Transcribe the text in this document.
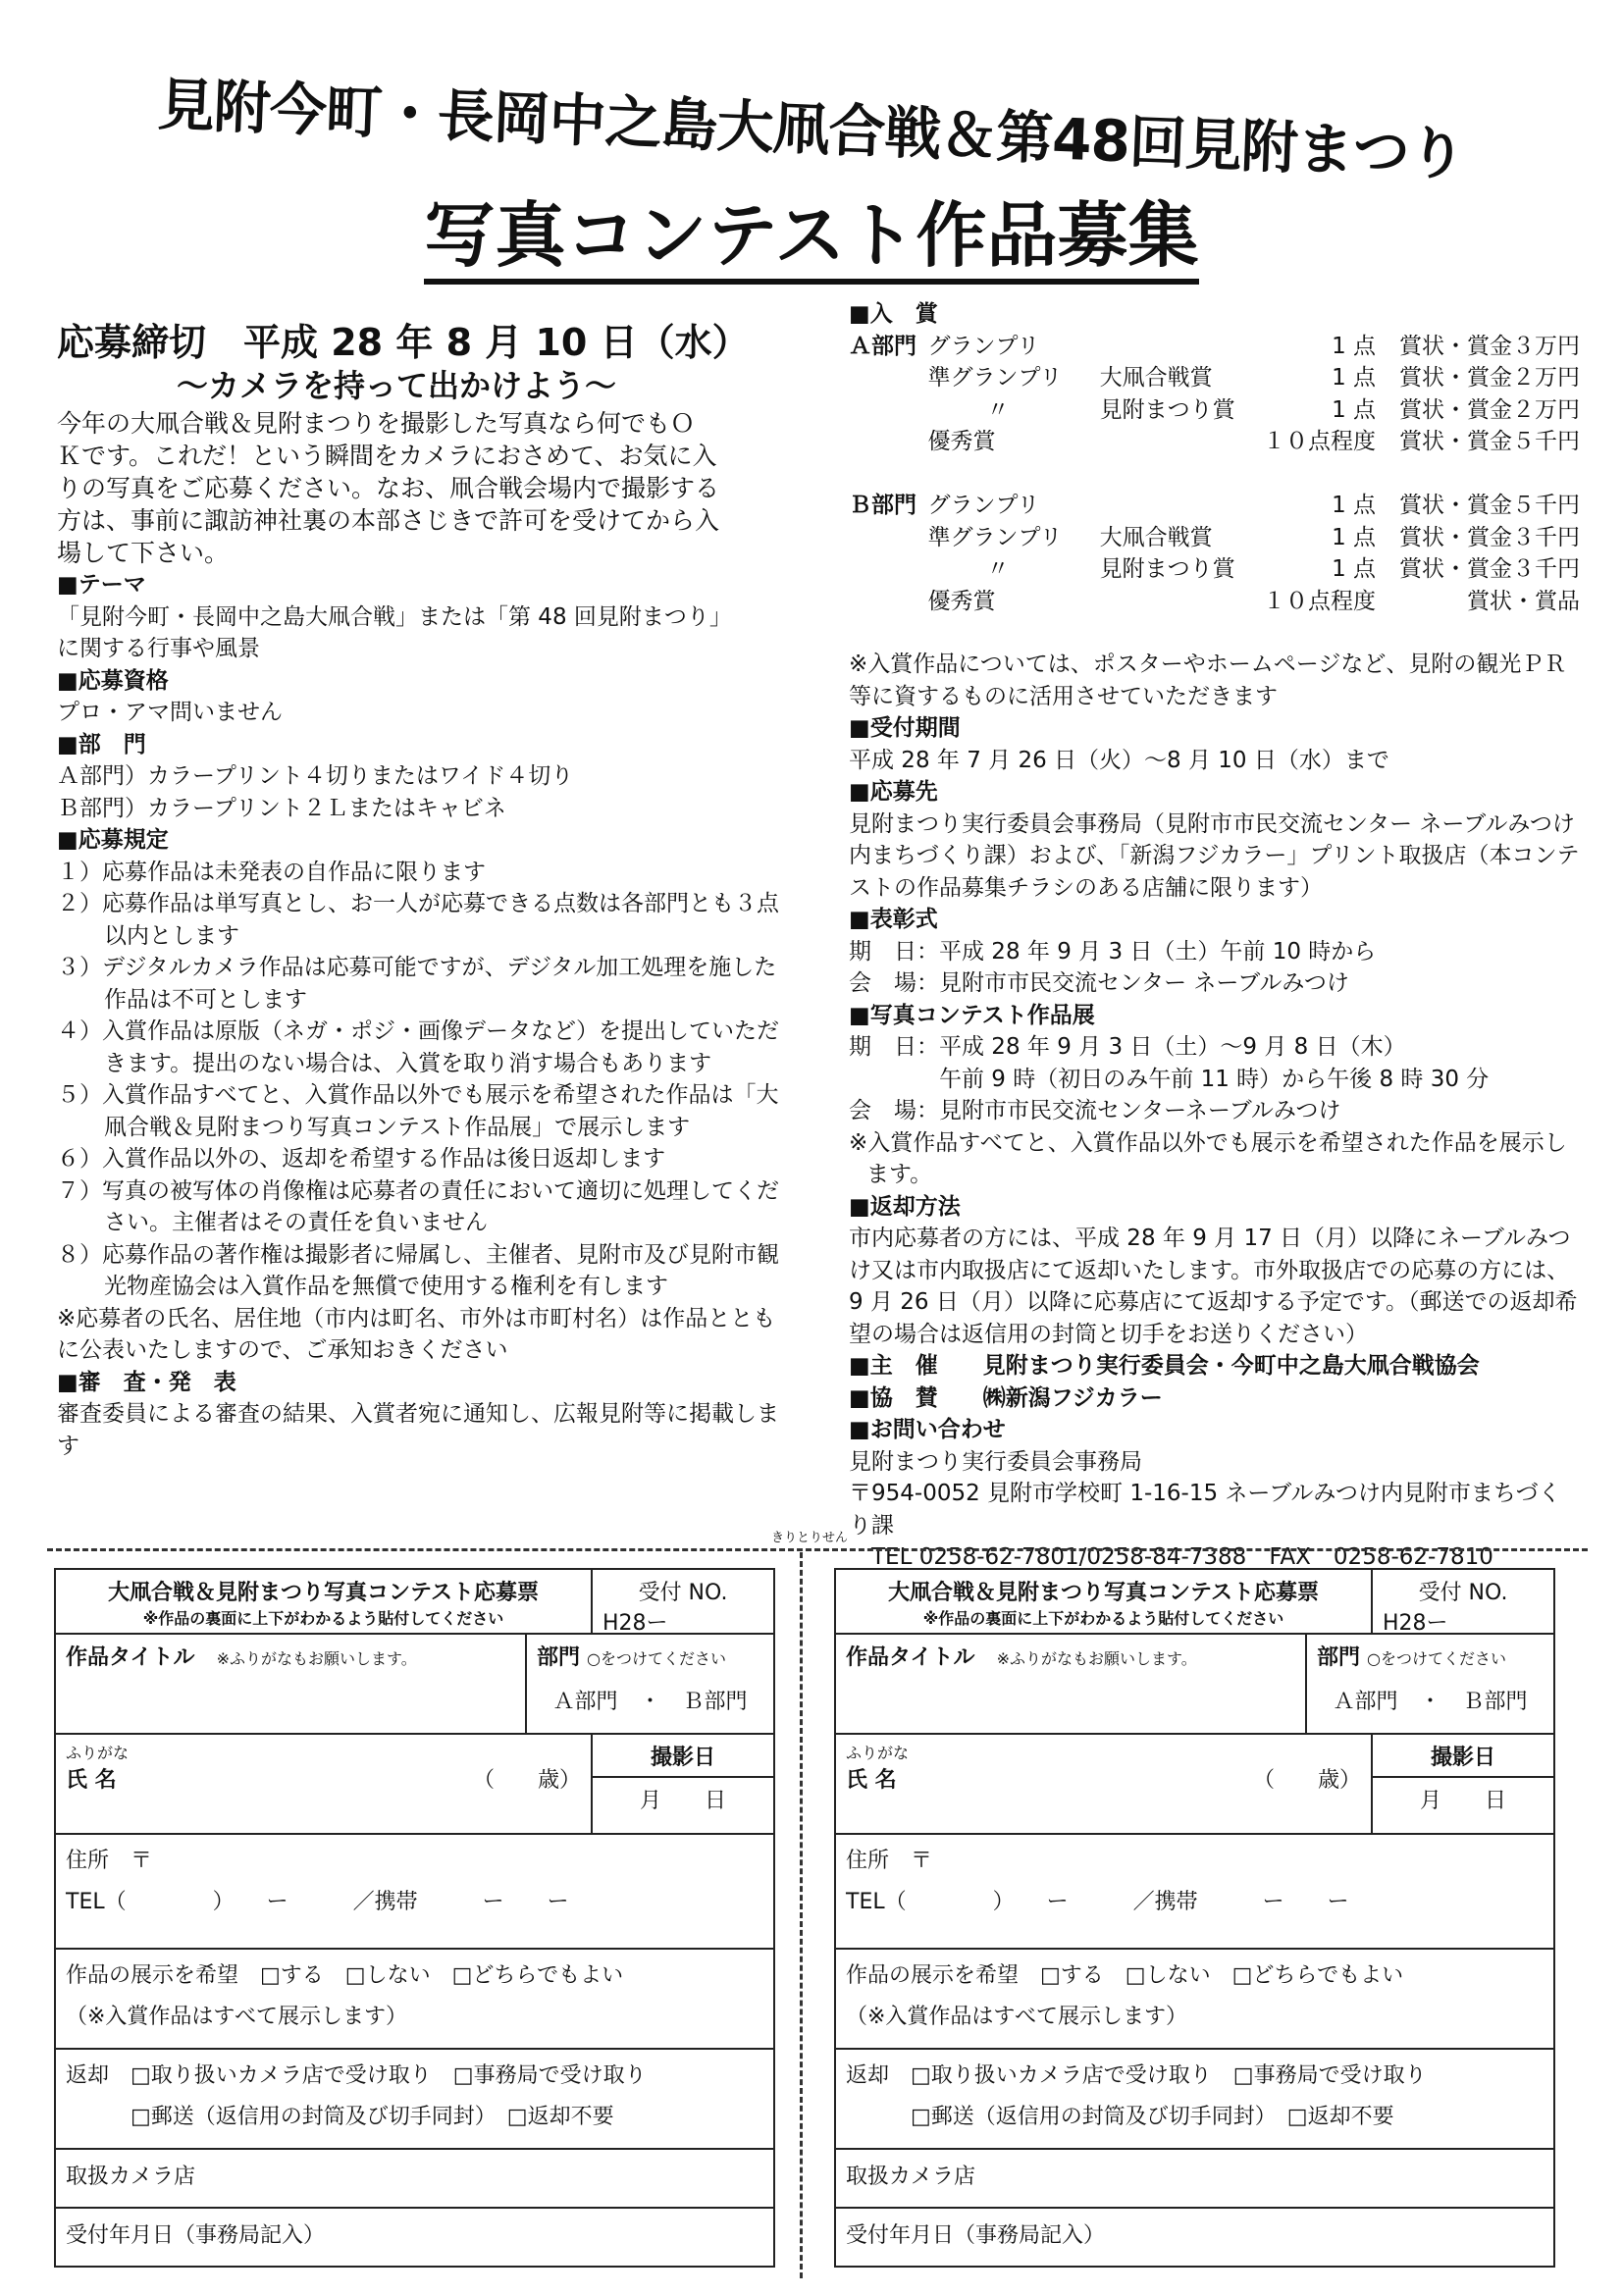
見附今町・長岡中之島大凧合戦＆第48回見附まつり
写真コンテスト作品募集
応募締切　平成 28 年 8 月 10 日（水）
〜カメラを持って出かけよう〜

今年の大凧合戦＆見附まつりを撮影した写真なら何でもＯ

Ｋです。これだ！という瞬間をカメラにおさめて、お気に入

りの写真をご応募ください。なお、凧合戦会場内で撮影する

方は、事前に諏訪神社裏の本部さじきで許可を受けてから入

場して下さい。

■テーマ

「見附今町・長岡中之島大凧合戦」または「第 48 回見附まつり」

に関する行事や風景

■応募資格

プロ・アマ問いません

■部　門

Ａ部門）カラープリント４切りまたはワイド４切り

Ｂ部門）カラープリント２Ｌまたはキャビネ

■応募規定

１）応募作品は未発表の自作品に限ります

２）応募作品は単写真とし、お一人が応募できる点数は各部門とも３点以内とします

３）デジタルカメラ作品は応募可能ですが、デジタル加工処理を施した作品は不可とします

４）入賞作品は原版（ネガ・ポジ・画像データなど）を提出していただきます。提出のない場合は、入賞を取り消す場合もあります

５）入賞作品すべてと、入賞作品以外でも展示を希望された作品は「大凧合戦＆見附まつり写真コンテスト作品展」で展示します

６）入賞作品以外の、返却を希望する作品は後日返却します

７）写真の被写体の肖像権は応募者の責任において適切に処理してください。主催者はその責任を負いません

８）応募作品の著作権は撮影者に帰属し、主催者、見附市及び見附市観光物産協会は入賞作品を無償で使用する権利を有します

※応募者の氏名、居住地（市内は町名、市外は市町村名）は作品とともに公表いたしますので、ご承知おきください

■審　査・発　表

審査委員による審査の結果、入賞者宛に通知し、広報見附等に掲載します

■入　賞

Ａ部門	グランプリ		1 点	賞状・賞金３万円
	準グランプリ	大凧合戦賞	1 点	賞状・賞金２万円
	〃	見附まつり賞	1 点	賞状・賞金２万円
	優秀賞		１０点程度	賞状・賞金５千円

Ｂ部門	グランプリ		1 点	賞状・賞金５千円
	準グランプリ	大凧合戦賞	1 点	賞状・賞金３千円
	〃	見附まつり賞	1 点	賞状・賞金３千円
	優秀賞		１０点程度	賞状・賞品

※入賞作品については、ポスターやホームページなど、見附の観光ＰＲ等に資するものに活用させていただきます

■受付期間

平成 28 年 7 月 26 日（火）〜8 月 10 日（水）まで

■応募先

見附まつり実行委員会事務局（見附市市民交流センター ネーブルみつけ内まちづくり課）および、「新潟フジカラー」プリント取扱店（本コンテストの作品募集チラシのある店舗に限ります）

■表彰式

期　日：平成 28 年 9 月 3 日（土）午前 10 時から

会　場：見附市市民交流センター ネーブルみつけ

■写真コンテスト作品展

期　日：平成 28 年 9 月 3 日（土）〜9 月 8 日（木）

　　　　午前 9 時（初日のみ午前 11 時）から午後 8 時 30 分

会　場：見附市市民交流センターネーブルみつけ

※入賞作品すべてと、入賞作品以外でも展示を希望された作品を展示します。

■返却方法

市内応募者の方には、平成 28 年 9 月 17 日（月）以降にネーブルみつけ又は市内取扱店にて返却いたします。市外取扱店での応募の方には、9 月 26 日（月）以降に応募店にて返却する予定です。（郵送での返却希望の場合は返信用の封筒と切手をお送りください）

■主　催　　見附まつり実行委員会・今町中之島大凧合戦協会

■協　賛　　㈱新潟フジカラー

■お問い合わせ

見附まつり実行委員会事務局

〒954-0052 見附市学校町 1-16-15 ネーブルみつけ内見附市まちづくり課

　TEL 0258-62-7801/0258-84-7388　FAX　0258-62-7810

きりとりせん
大凧合戦＆見附まつり写真コンテスト応募票
※作品の裏面に上下がわかるよう貼付してください
受付 NO.
H28ー
作品タイトル　 ※ふりがなもお願いします。	部門 ○をつけてください
Ａ部門　・　Ｂ部門
ふりがな
氏 名	（　　歳）
撮影日
月　　日
住所　〒
TEL（　　　　）　　ー　　　／携帯　　　ー　　ー
作品の展示を希望　□する　□しない　□どちらでもよい
（※入賞作品はすべて展示します）
返却　□取り扱いカメラ店で受け取り　□事務局で受け取り
　　　□郵送（返信用の封筒及び切手同封）　□返却不要
取扱カメラ店
受付年月日（事務局記入）
大凧合戦＆見附まつり写真コンテスト応募票
※作品の裏面に上下がわかるよう貼付してください
受付 NO.
H28ー
作品タイトル　 ※ふりがなもお願いします。	部門 ○をつけてください
Ａ部門　・　Ｂ部門
ふりがな
氏 名	（　　歳）
撮影日
月　　日
住所　〒
TEL（　　　　）　　ー　　　／携帯　　　ー　　ー
作品の展示を希望　□する　□しない　□どちらでもよい
（※入賞作品はすべて展示します）
返却　□取り扱いカメラ店で受け取り　□事務局で受け取り
　　　□郵送（返信用の封筒及び切手同封）　□返却不要
取扱カメラ店
受付年月日（事務局記入）
